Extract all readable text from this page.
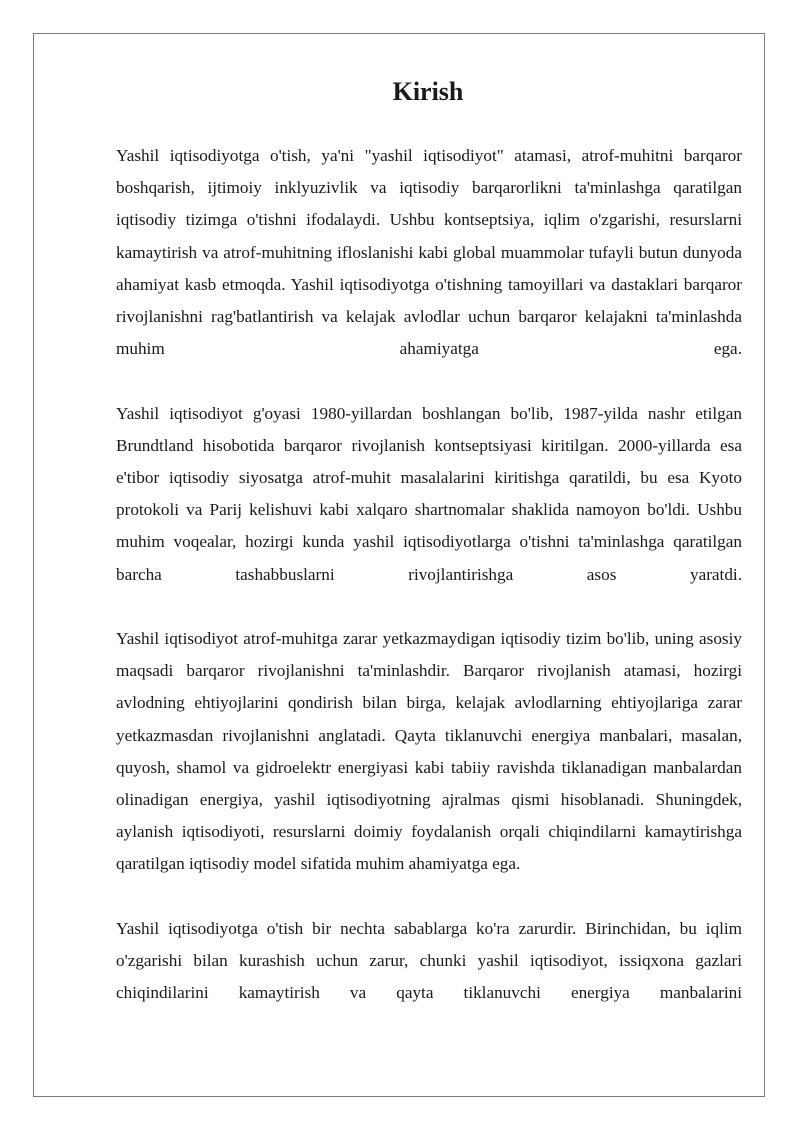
Kirish

Yashil iqtisodiyotga o'tish, ya'ni "yashil iqtisodiyot" atamasi, atrof-muhitni barqaror boshqarish, ijtimoiy inklyuzivlik va iqtisodiy barqarorlikni ta'minlashga qaratilgan iqtisodiy tizimga o'tishni ifodalaydi. Ushbu kontseptsiya, iqlim o'zgarishi, resurslarni kamaytirish va atrof-muhitning ifloslanishi kabi global muammolar tufayli butun dunyoda ahamiyat kasb etmoqda. Yashil iqtisodiyotga o'tishning tamoyillari va dastaklari barqaror rivojlanishni rag'batlantirish va kelajak avlodlar uchun barqaror kelajakni ta'minlashda muhim ahamiyatga ega.

Yashil iqtisodiyot g'oyasi 1980-yillardan boshlangan bo'lib, 1987-yilda nashr etilgan Brundtland hisobotida barqaror rivojlanish kontseptsiyasi kiritilgan. 2000-yillarda esa e'tibor iqtisodiy siyosatga atrof-muhit masalalarini kiritishga qaratildi, bu esa Kyoto protokoli va Parij kelishuvi kabi xalqaro shartnomalar shaklida namoyon bo'ldi. Ushbu muhim voqealar, hozirgi kunda yashil iqtisodiyotlarga o'tishni ta'minlashga qaratilgan barcha tashabbuslarni rivojlantirishga asos yaratdi.

Yashil iqtisodiyot atrof-muhitga zarar yetkazmaydigan iqtisodiy tizim bo'lib, uning asosiy maqsadi barqaror rivojlanishni ta'minlashdir. Barqaror rivojlanish atamasi, hozirgi avlodning ehtiyojlarini qondirish bilan birga, kelajak avlodlarning ehtiyojlariga zarar yetkazmasdan rivojlanishni anglatadi. Qayta tiklanuvchi energiya manbalari, masalan, quyosh, shamol va gidroelektr energiyasi kabi tabiiy ravishda tiklanadigan manbalardan olinadigan energiya, yashil iqtisodiyotning ajralmas qismi hisoblanadi. Shuningdek, aylanish iqtisodiyoti, resurslarni doimiy foydalanish orqali chiqindilarni kamaytirishga qaratilgan iqtisodiy model sifatida muhim ahamiyatga ega.

Yashil iqtisodiyotga o'tish bir nechta sabablarga ko'ra zarurdir. Birinchidan, bu iqlim o'zgarishi bilan kurashish uchun zarur, chunki yashil iqtisodiyot, issiqxona gazlari chiqindilarini kamaytirish va qayta tiklanuvchi energiya manbalarini
